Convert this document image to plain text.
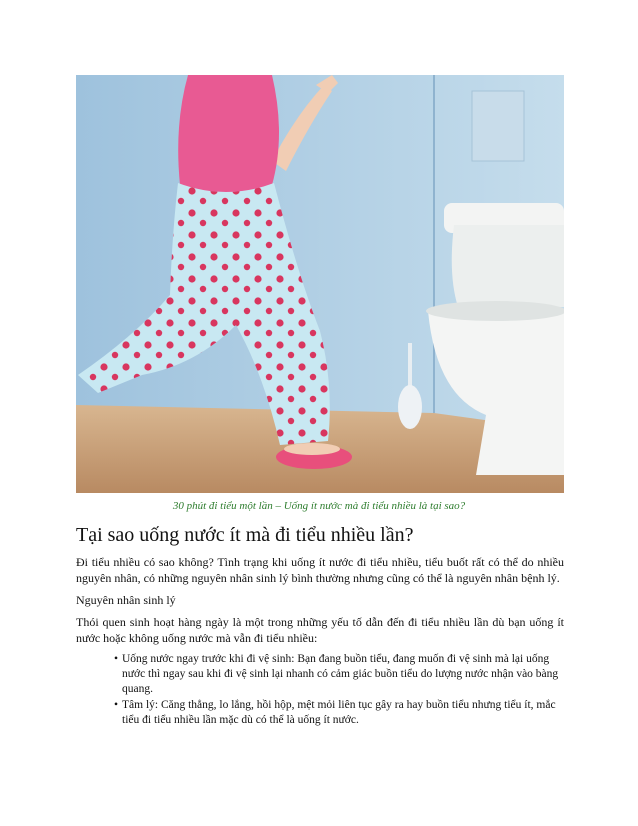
30 phút đi tiểu một lần – Uống ít nước mà đi tiểu nhiều là tại sao?
Tại sao uống nước ít mà đi tiểu nhiều lần?

Đi tiểu nhiều có sao không? Tình trạng khi uống ít nước đi tiểu nhiều, tiểu buốt rất có thể do nhiều nguyên nhân, có những nguyên nhân sinh lý bình thường nhưng cũng có thể là nguyên nhân bệnh lý.

Nguyên nhân sinh lý

Thói quen sinh hoạt hàng ngày là một trong những yếu tố dẫn đến đi tiểu nhiều lần dù bạn uống ít nước hoặc không uống nước mà vẫn đi tiểu nhiều:

• Uống nước ngay trước khi đi vệ sinh: Bạn đang buồn tiểu, đang muốn đi vệ sinh mà lại uống nước thì ngay sau khi đi vệ sinh lại nhanh có cảm giác buồn tiểu do lượng nước nhận vào bàng quang.
• Tâm lý: Căng thẳng, lo lắng, hồi hộp, mệt mỏi liên tục gây ra hay buồn tiểu nhưng tiểu ít, mắc tiểu đi tiểu nhiều lần mặc dù có thể là uống ít nước.
